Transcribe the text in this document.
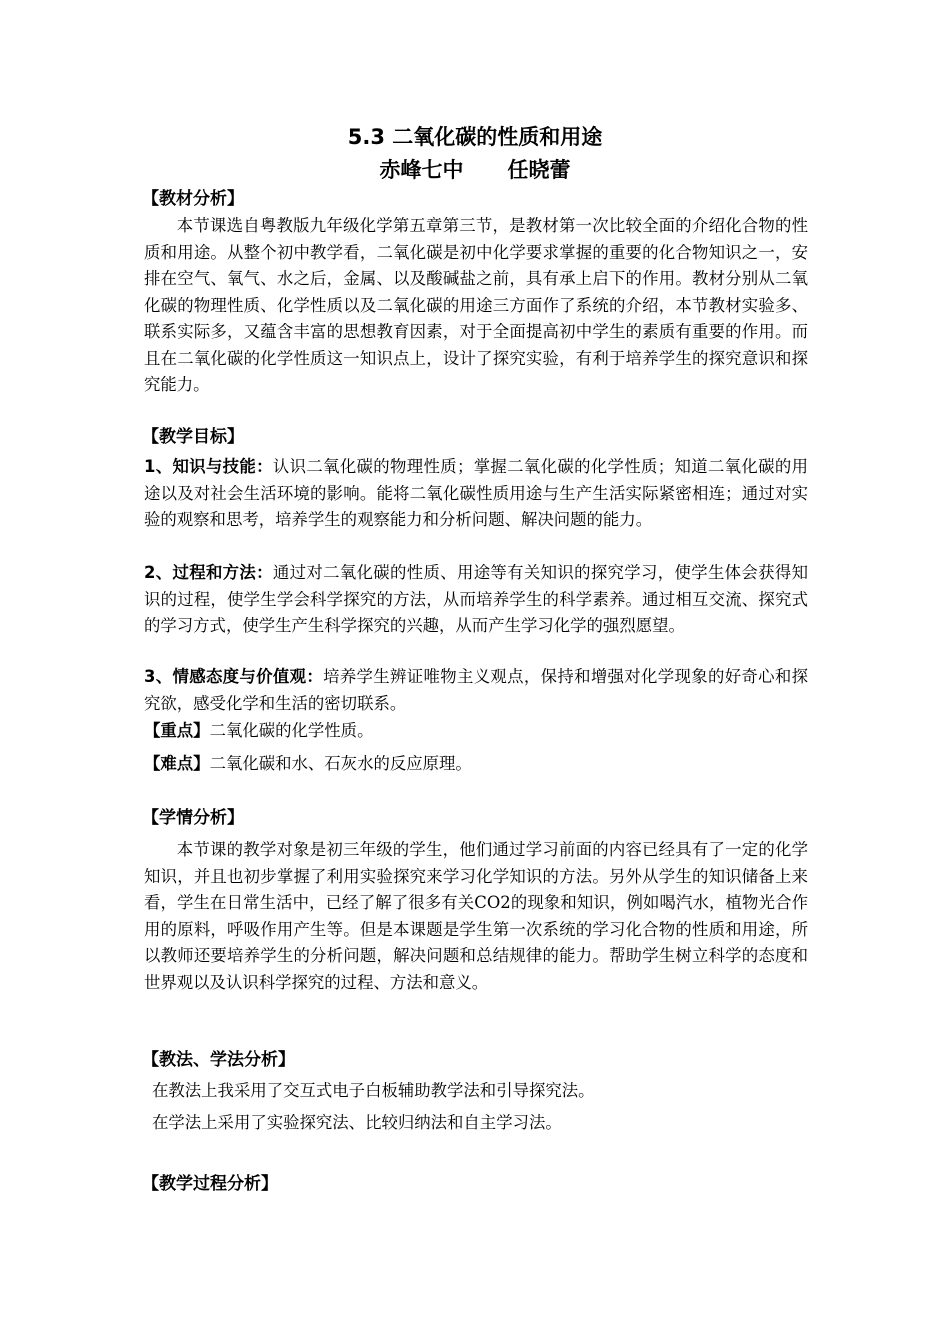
5.3 二氧化碳的性质和用途
赤峰七中 任晓蕾
【教材分析】

本节课选自粤教版九年级化学第五章第三节，是教材第一次比较全面的介绍化合物的性质和用途。从整个初中教学看，二氧化碳是初中化学要求掌握的重要的化合物知识之一，安排在空气、氧气、水之后，金属、以及酸碱盐之前，具有承上启下的作用。教材分别从二氧化碳的物理性质、化学性质以及二氧化碳的用途三方面作了系统的介绍，本节教材实验多、联系实际多，又蕴含丰富的思想教育因素，对于全面提高初中学生的素质有重要的作用。而且在二氧化碳的化学性质这一知识点上，设计了探究实验，有利于培养学生的探究意识和探究能力。

【教学目标】

1、知识与技能：认识二氧化碳的物理性质；掌握二氧化碳的化学性质；知道二氧化碳的用途以及对社会生活环境的影响。能将二氧化碳性质用途与生产生活实际紧密相连；通过对实验的观察和思考，培养学生的观察能力和分析问题、解决问题的能力。

2、过程和方法：通过对二氧化碳的性质、用途等有关知识的探究学习，使学生体会获得知识的过程，使学生学会科学探究的方法，从而培养学生的科学素养。通过相互交流、探究式的学习方式，使学生产生科学探究的兴趣，从而产生学习化学的强烈愿望。

3、情感态度与价值观：培养学生辨证唯物主义观点，保持和增强对化学现象的好奇心和探究欲，感受化学和生活的密切联系。

【重点】二氧化碳的化学性质。

【难点】二氧化碳和水、石灰水的反应原理。

【学情分析】

本节课的教学对象是初三年级的学生，他们通过学习前面的内容已经具有了一定的化学知识，并且也初步掌握了利用实验探究来学习化学知识的方法。另外从学生的知识储备上来看，学生在日常生活中，已经了解了很多有关CO2的现象和知识，例如喝汽水，植物光合作用的原料，呼吸作用产生等。但是本课题是学生第一次系统的学习化合物的性质和用途，所以教师还要培养学生的分析问题，解决问题和总结规律的能力。帮助学生树立科学的态度和世界观以及认识科学探究的过程、方法和意义。

【教法、学法分析】

在教法上我采用了交互式电子白板辅助教学法和引导探究法。

在学法上采用了实验探究法、比较归纳法和自主学习法。

【教学过程分析】
